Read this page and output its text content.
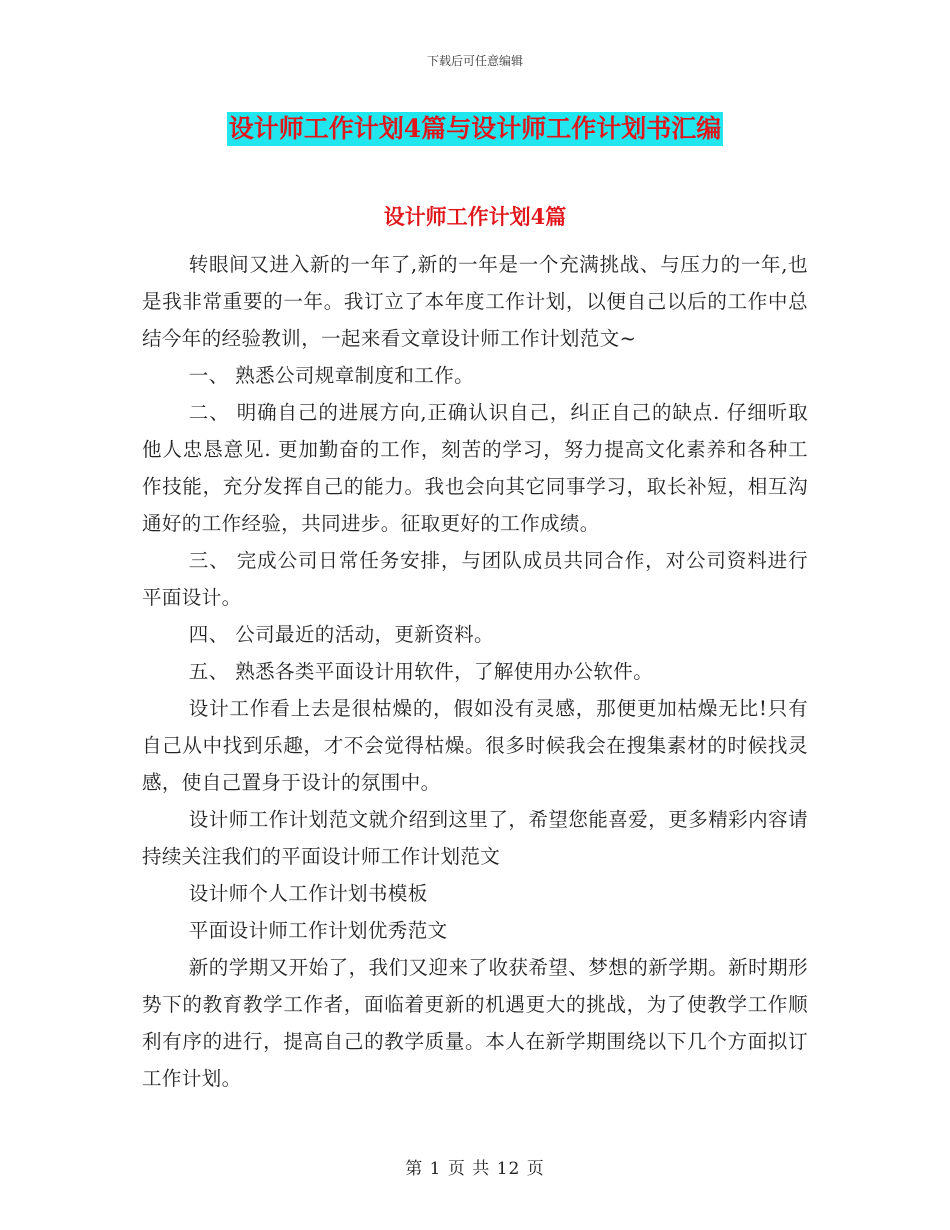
下载后可任意编辑
设计师工作计划4篇与设计师工作计划书汇编
设计师工作计划4篇

转眼间又进入新的一年了,新的一年是一个充满挑战、与压力的一年,也是我非常重要的一年。我订立了本年度工作计划，以便自己以后的工作中总结今年的经验教训，一起来看文章设计师工作计划范文~

一、 熟悉公司规章制度和工作。

二、 明确自己的进展方向,正确认识自己，纠正自己的缺点. 仔细听取他人忠恳意见. 更加勤奋的工作，刻苦的学习，努力提高文化素养和各种工作技能，充分发挥自己的能力。我也会向其它同事学习，取长补短，相互沟通好的工作经验，共同进步。征取更好的工作成绩。

三、 完成公司日常任务安排，与团队成员共同合作，对公司资料进行平面设计。

四、 公司最近的活动，更新资料。

五、 熟悉各类平面设计用软件，了解使用办公软件。

设计工作看上去是很枯燥的，假如没有灵感，那便更加枯燥无比!只有自己从中找到乐趣，才不会觉得枯燥。很多时候我会在搜集素材的时候找灵感，使自己置身于设计的氛围中。

设计师工作计划范文就介绍到这里了，希望您能喜爱，更多精彩内容请持续关注我们的平面设计师工作计划范文

设计师个人工作计划书模板

平面设计师工作计划优秀范文

新的学期又开始了，我们又迎来了收获希望、梦想的新学期。新时期形势下的教育教学工作者，面临着更新的机遇更大的挑战，为了使教学工作顺利有序的进行，提高自己的教学质量。本人在新学期围绕以下几个方面拟订工作计划。

第 1 页 共 12 页
